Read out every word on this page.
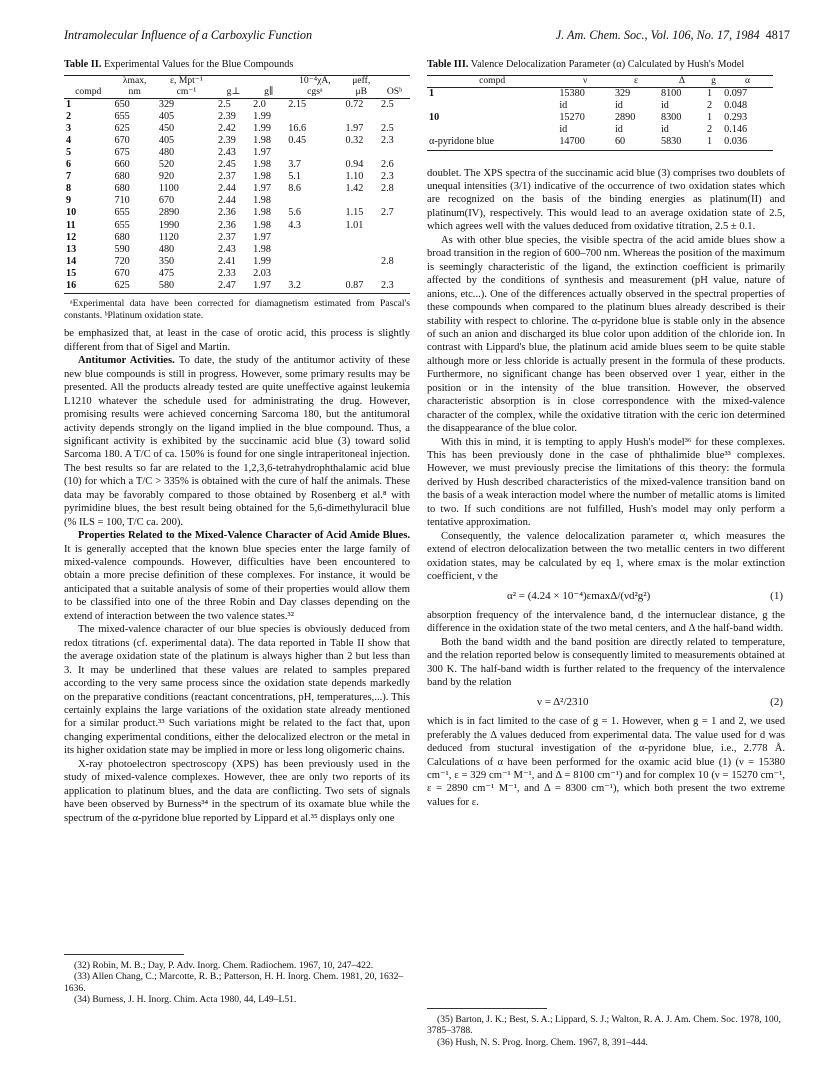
Intramolecular Influence of a Carboxylic Function	J. Am. Chem. Soc., Vol. 106, No. 17, 1984 4817
Table II. Experimental Values for the Blue Compounds
	λmax,	ε, Mpt⁻¹			10⁻⁴χA,	μeff,	
compd	nm	cm⁻¹	g⊥	g∥	cgsᵃ	μB	OSᵇ
1	650	329	2.5	2.0	2.15	0.72	2.5
2	655	405	2.39	1.99			
3	625	450	2.42	1.99	16.6	1.97	2.5
4	670	405	2.39	1.98	0.45	0.32	2.3
5	675	480	2.43	1.97			
6	660	520	2.45	1.98	3.7	0.94	2.6
7	680	920	2.37	1.98	5.1	1.10	2.3
8	680	1100	2.44	1.97	8.6	1.42	2.8
9	710	670	2.44	1.98			
10	655	2890	2.36	1.98	5.6	1.15	2.7
11	655	1990	2.36	1.98	4.3	1.01	
12	680	1120	2.37	1.97			
13	590	480	2.43	1.98			
14	720	350	2.41	1.99			2.8
15	670	475	2.33	2.03			
16	625	580	2.47	1.97	3.2	0.87	2.3
ᵃExperimental data have been corrected for diamagnetism estimated from Pascal's constants. ᵇPlatinum oxidation state.

be emphasized that, at least in the case of orotic acid, this process is slightly different from that of Sigel and Martin.

Antitumor Activities. To date, the study of the antitumor activity of these new blue compounds is still in progress. However, some primary results may be presented. All the products already tested are quite uneffective against leukemia L1210 whatever the schedule used for administrating the drug. However, promising results were achieved concerning Sarcoma 180, but the antitumoral activity depends strongly on the ligand implied in the blue compound. Thus, a significant activity is exhibited by the succinamic acid blue (3) toward solid Sarcoma 180. A T/C of ca. 150% is found for one single intraperitoneal injection. The best results so far are related to the 1,2,3,6-tetrahydrophthalamic acid blue (10) for which a T/C > 335% is obtained with the cure of half the animals. These data may be favorably compared to those obtained by Rosenberg et al.⁸ with pyrimidine blues, the best result being obtained for the 5,6-dimethyluracil blue (% ILS = 100, T/C ca. 200).

Properties Related to the Mixed-Valence Character of Acid Amide Blues. It is generally accepted that the known blue species enter the large family of mixed-valence compounds. However, difficulties have been encountered to obtain a more precise definition of these complexes. For instance, it would be anticipated that a suitable analysis of some of their properties would allow them to be classified into one of the three Robin and Day classes depending on the extend of interaction between the two valence states.³²

The mixed-valence character of our blue species is obviously deduced from redox titrations (cf. experimental data). The data reported in Table II show that the average oxidation state of the platinum is always higher than 2 but less than 3. It may be underlined that these values are related to samples prepared according to the very same process since the oxidation state depends markedly on the preparative conditions (reactant concentrations, pH, temperatures,...). This certainly explains the large variations of the oxidation state already mentioned for a similar product.³³ Such variations might be related to the fact that, upon changing experimental conditions, either the delocalized electron or the metal in its higher oxidation state may be implied in more or less long oligomeric chains.

X-ray photoelectron spectroscopy (XPS) has been previously used in the study of mixed-valence complexes. However, thee are only two reports of its application to platinum blues, and the data are conflicting. Two sets of signals have been observed by Burness³⁴ in the spectrum of its oxamate blue while the spectrum of the α-pyridone blue reported by Lippard et al.³⁵ displays only one

Table III. Valence Delocalization Parameter (α) Calculated by Hush's Model
compd	ν	ε	Δ	g	α
1	15380	329	8100	1	0.097
	id	id	id	2	0.048
10	15270	2890	8300	1	0.293
	id	id	id	2	0.146
α-pyridone blue	14700	60	5830	1	0.036

doublet. The XPS spectra of the succinamic acid blue (3) comprises two doublets of unequal intensities (3/1) indicative of the occurrence of two oxidation states which are recognized on the basis of the binding energies as platinum(II) and platinum(IV), respectively. This would lead to an average oxidation state of 2.5, which agrees well with the values deduced from oxidative titration, 2.5 ± 0.1.

As with other blue species, the visible spectra of the acid amide blues show a broad transition in the region of 600–700 nm. Whereas the position of the maximum is seemingly characteristic of the ligand, the extinction coefficient is primarily affected by the conditions of synthesis and measurement (pH value, nature of anions, etc...). One of the differences actually observed in the spectral properties of these compounds when compared to the platinum blues already described is their stability with respect to chlorine. The α-pyridone blue is stable only in the absence of such an anion and discharged its blue color upon addition of the chloride ion. In contrast with Lippard's blue, the platinum acid amide blues seem to be quite stable although more or less chloride is actually present in the formula of these products. Furthermore, no significant change has been observed over 1 year, either in the position or in the intensity of the blue transition. However, the observed characteristic absorption is in close correspondence with the mixed-valence character of the complex, while the oxidative titration with the ceric ion determined the disappearance of the blue color.

With this in mind, it is tempting to apply Hush's model³⁶ for these complexes. This has been previously done in the case of phthalimide blue³³ complexes. However, we must previously precise the limitations of this theory: the formula derived by Hush described characteristics of the mixed-valence transition band on the basis of a weak interaction model where the number of metallic atoms is limited to two. If such conditions are not fulfilled, Hush's model may only perform a tentative approximation.

Consequently, the valence delocalization parameter α, which measures the extend of electron delocalization between the two metallic centers in two different oxidation states, may be calculated by eq 1, where εmax is the molar extinction coefficient, ν the

α² = (4.24 × 10⁻⁴)εmaxΔ/(νd²g²)	(1)

absorption frequency of the intervalence band, d the internuclear distance, g the difference in the oxidation state of the two metal centers, and Δ the half-band width.

Both the band width and the band position are directly related to temperature, and the relation reported below is consequently limited to measurements obtained at 300 K. The half-band width is further related to the frequency of the intervalence band by the relation

ν = Δ²/2310	(2)

which is in fact limited to the case of g = 1. However, when g = 1 and 2, we used preferably the Δ values deduced from experimental data. The value used for d was deduced from stuctural investigation of the α-pyridone blue, i.e., 2.778 Å. Calculations of α have been performed for the oxamic acid blue (1) (ν = 15380 cm⁻¹, ε = 329 cm⁻¹ M⁻¹, and Δ = 8100 cm⁻¹) and for complex 10 (ν = 15270 cm⁻¹, ε = 2890 cm⁻¹ M⁻¹, and Δ = 8300 cm⁻¹), which both present the two extreme values for ε.

(32) Robin, M. B.; Day, P. Adv. Inorg. Chem. Radiochem. 1967, 10, 247–422.
(33) Allen Chang, C.; Marcotte, R. B.; Patterson, H. H. Inorg. Chem. 1981, 20, 1632–1636.
(34) Burness, J. H. Inorg. Chim. Acta 1980, 44, L49–L51.
(35) Barton, J. K.; Best, S. A.; Lippard, S. J.; Walton, R. A. J. Am. Chem. Soc. 1978, 100, 3785–3788.
(36) Hush, N. S. Prog. Inorg. Chem. 1967, 8, 391–444.
